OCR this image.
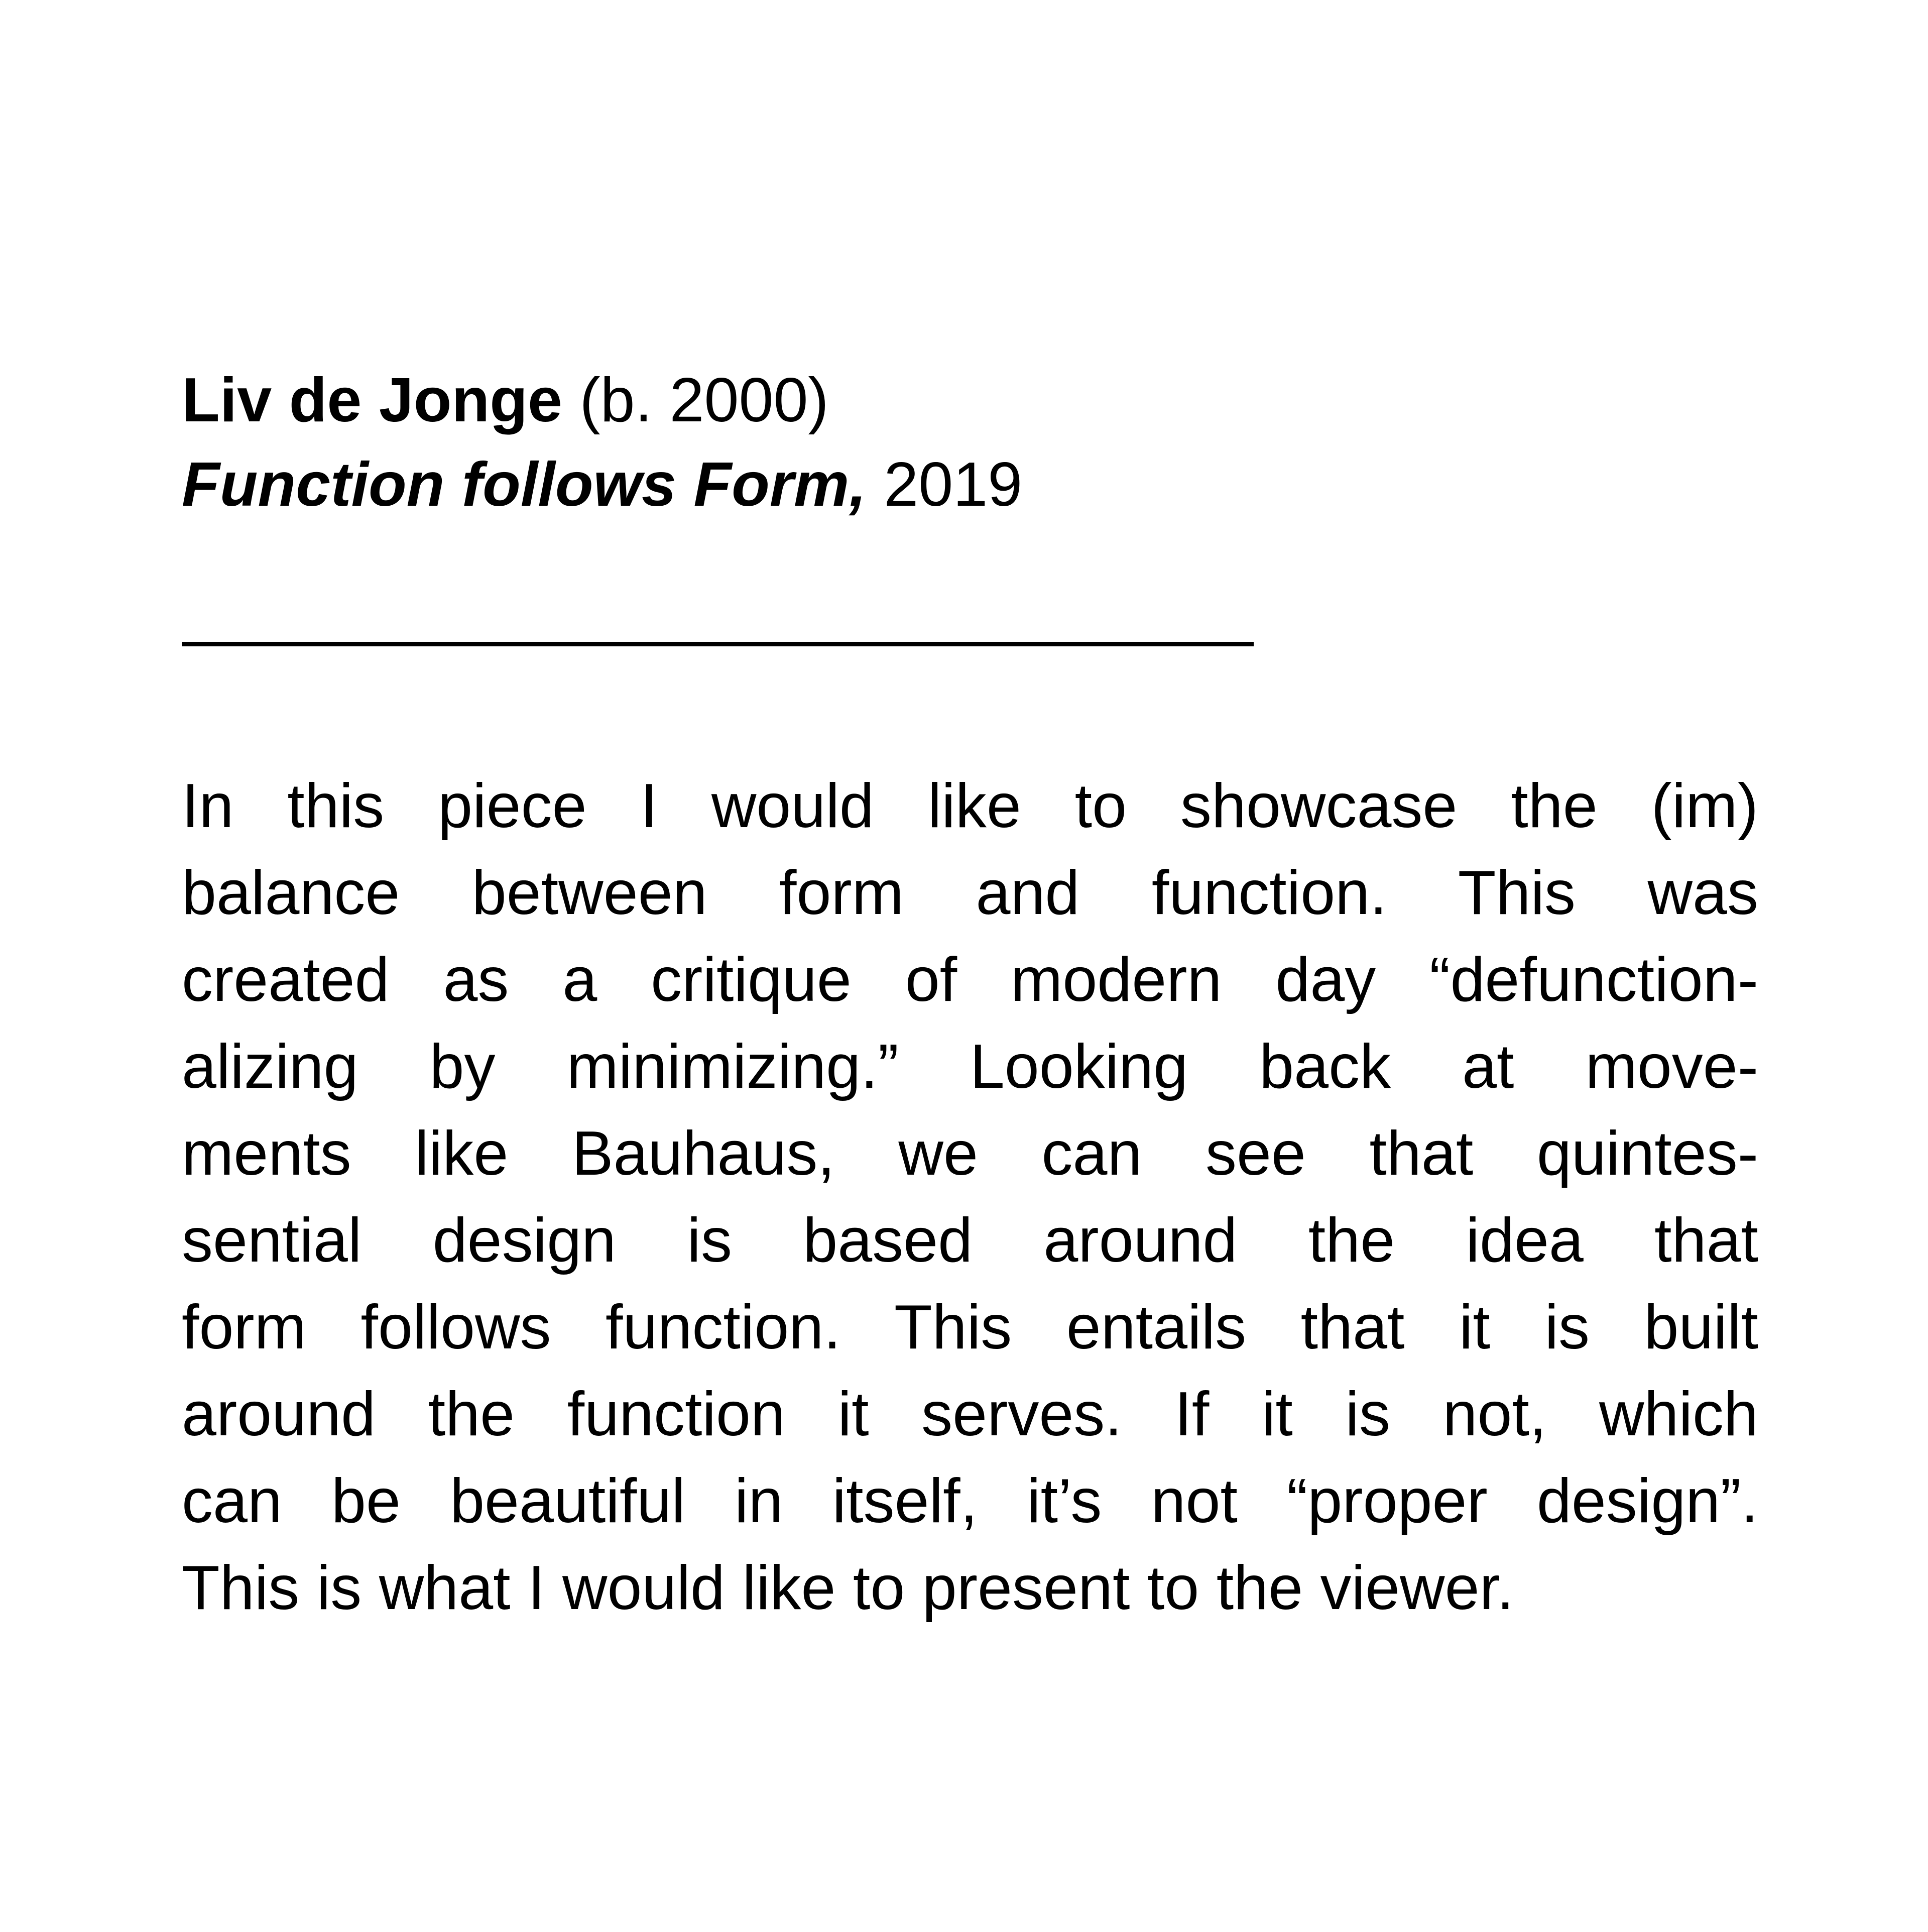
Liv de Jonge (b. 2000)
Function follows Form, 2019
In this piece I would like to showcase the (im)
balance between form and function. This was
created as a critique of modern day “defunction-
alizing by minimizing.” Looking back at move-
ments like Bauhaus, we can see that quintes-
sential design is based around the idea that
form follows function. This entails that it is built
around the function it serves. If it is not, which
can be beautiful in itself, it’s not “proper design”.
This is what I would like to present to the viewer.
